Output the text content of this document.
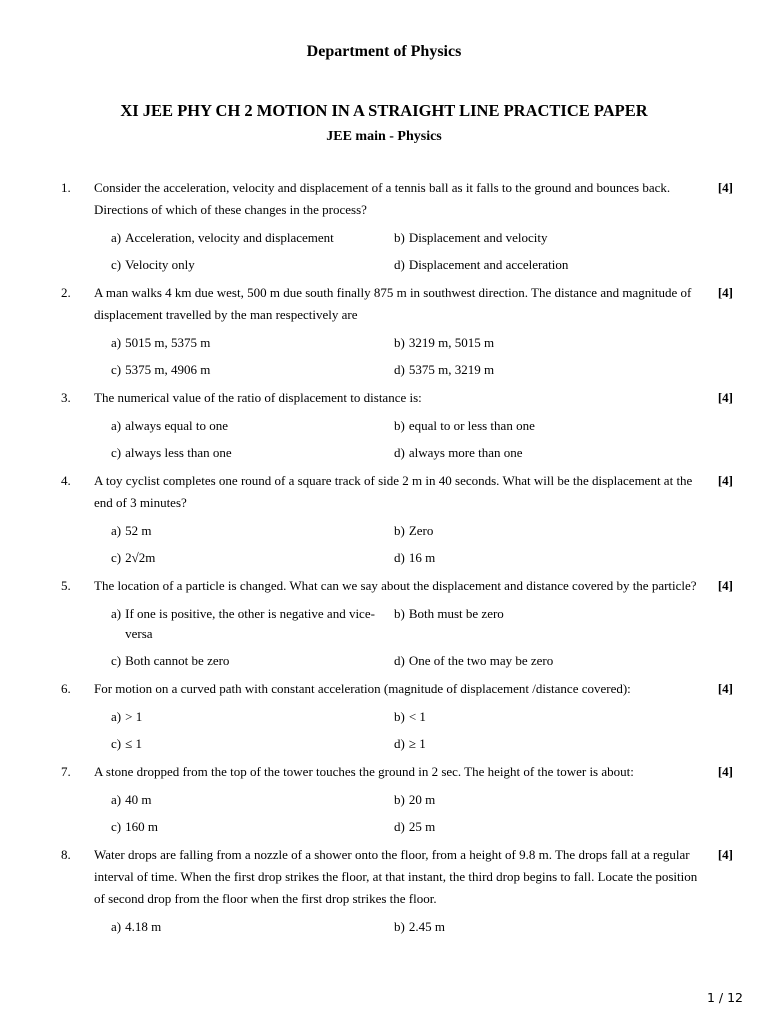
Department of Physics
XI JEE PHY CH 2 MOTION IN A STRAIGHT LINE PRACTICE PAPER
JEE main - Physics
1. Consider the acceleration, velocity and displacement of a tennis ball as it falls to the ground and bounces back. Directions of which of these changes in the process?
[4]
a) Acceleration, velocity and displacement	b) Displacement and velocity
c) Velocity only	d) Displacement and acceleration
2. A man walks 4 km due west, 500 m due south finally 875 m in southwest direction. The distance and magnitude of displacement travelled by the man respectively are
[4]
a) 5015 m, 5375 m	b) 3219 m, 5015 m
c) 5375 m, 4906 m	d) 5375 m, 3219 m
3. The numerical value of the ratio of displacement to distance is:	[4]
a) always equal to one	b) equal to or less than one
c) always less than one	d) always more than one
4. A toy cyclist completes one round of a square track of side 2 m in 40 seconds. What will be the displacement at the end of 3 minutes?
[4]
a) 52 m	b) Zero
c) 2√2m	d) 16 m
5. The location of a particle is changed. What can we say about the displacement and distance covered by the particle?	[4]
a) If one is positive, the other is negative and vice-versa
b) Both must be zero
c) Both cannot be zero	d) One of the two may be zero
6. For motion on a curved path with constant acceleration (magnitude of displacement /distance covered):	[4]
a) > 1	b) < 1
c) ≤ 1	d) ≥ 1
7. A stone dropped from the top of the tower touches the ground in 2 sec. The height of the tower is about:	[4]
a) 40 m	b) 20 m
c) 160 m	d) 25 m
8. Water drops are falling from a nozzle of a shower onto the floor, from a height of 9.8 m. The drops fall at a regular interval of time. When the first drop strikes the floor, at that instant, the third drop begins to fall. Locate the position of second drop from the floor when the first drop strikes the floor.
[4]
a) 4.18 m	b) 2.45 m
1 / 12
